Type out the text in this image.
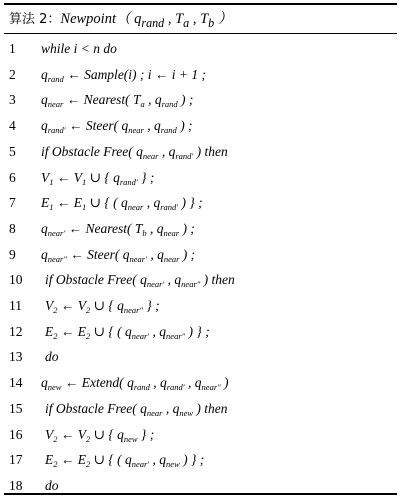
算法 2：Newpoint（ $q_{rand}$ , $T_a$ , $T_b$ ）
1 while i < n do
2 $q_{rand}$ ← Sample(i) ; i ← i + 1 ;
3 $q_{near}$ ← Nearest( $T_a$ , $q_{rand}$ ) ;
4 $q_{rand'}$ ← Steer( $q_{near}$ , $q_{rand}$ ) ;
5 if Obstacle Free( $q_{near}$ , $q_{rand'}$ ) then
6 $V_1$ ← $V_1$ ∪ { $q_{rand'}$ } ;
7 $E_1$ ← $E_1$ ∪ { ( $q_{near}$ , $q_{rand'}$ ) } ;
8 $q_{near'}$ ← Nearest( $T_b$ , $q_{near}$ ) ;
9 $q_{near''}$ ← Steer( $q_{near'}$ , $q_{near}$ ) ;
10 if Obstacle Free( $q_{near'}$ , $q_{near''}$ ) then
11 $V_2$ ← $V_2$ ∪ { $q_{near''}$ } ;
12 $E_2$ ← $E_2$ ∪ { ( $q_{near'}$ , $q_{near''}$ ) } ;
13 do
14 $q_{new}$ ← Extend( $q_{rand}$ , $q_{rand'}$ , $q_{near''}$ )
15 if Obstacle Free( $q_{near}$ , $q_{new}$ ) then
16 $V_2$ ← $V_2$ ∪ { $q_{new}$ } ;
17 $E_2$ ← $E_2$ ∪ { ( $q_{near'}$ , $q_{new}$ ) } ;
18 do
